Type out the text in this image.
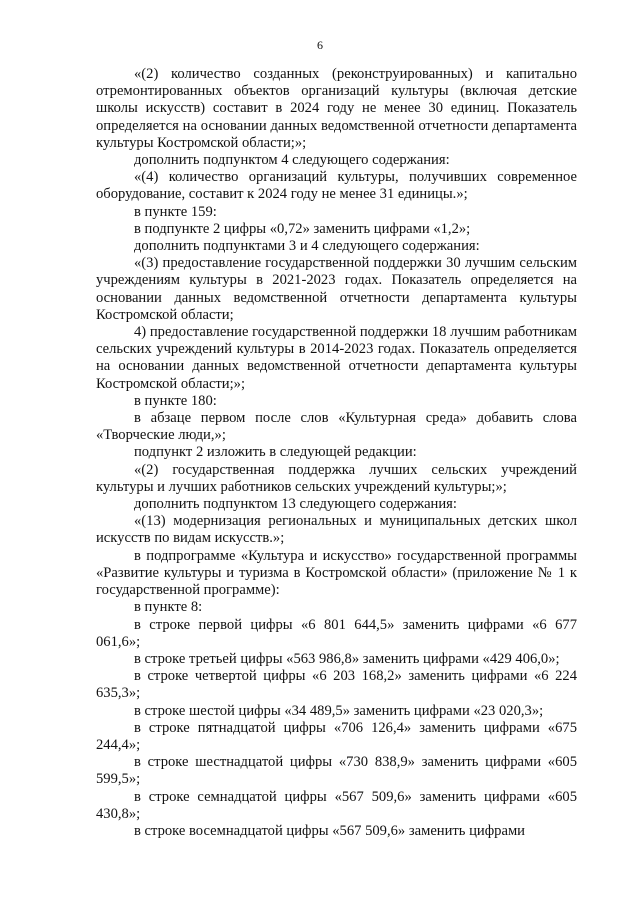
6

«(2) количество созданных (реконструированных) и капитально отремонтированных объектов организаций культуры (включая детские школы искусств) составит в 2024 году не менее 30 единиц. Показатель определяется на основании данных ведомственной отчетности департамента культуры Костромской области;»;

дополнить подпунктом 4 следующего содержания:

«(4) количество организаций культуры, получивших современное оборудование, составит к 2024 году не менее 31 единицы.»;

в пункте 159:

в подпункте 2 цифры «0,72» заменить цифрами «1,2»;

дополнить подпунктами 3 и 4 следующего содержания:

«(3) предоставление государственной поддержки 30 лучшим сельским учреждениям культуры в 2021-2023 годах. Показатель определяется на основании данных ведомственной отчетности департамента культуры Костромской области;

4) предоставление государственной поддержки 18 лучшим работникам сельских учреждений культуры в 2014-2023 годах. Показатель определяется на основании данных ведомственной отчетности департамента культуры Костромской области;»;

в пункте 180:

в абзаце первом после слов «Культурная среда» добавить слова «Творческие люди,»;

подпункт 2 изложить в следующей редакции:

«(2) государственная поддержка лучших сельских учреждений культуры и лучших работников сельских учреждений культуры;»;

дополнить подпунктом 13 следующего содержания:

«(13) модернизация региональных и муниципальных детских школ искусств по видам искусств.»;

в подпрограмме «Культура и искусство» государственной программы «Развитие культуры и туризма в Костромской области» (приложение № 1 к государственной программе):

в пункте 8:

в строке первой цифры «6 801 644,5» заменить цифрами «6 677 061,6»;

в строке третьей цифры «563 986,8» заменить цифрами «429 406,0»;

в строке четвертой цифры «6 203 168,2» заменить цифрами «6 224 635,3»;

в строке шестой цифры «34 489,5» заменить цифрами «23 020,3»;

в строке пятнадцатой цифры «706 126,4» заменить цифрами «675 244,4»;

в строке шестнадцатой цифры «730 838,9» заменить цифрами «605 599,5»;

в строке семнадцатой цифры «567 509,6» заменить цифрами «605 430,8»;

в строке восемнадцатой цифры «567 509,6» заменить цифрами
